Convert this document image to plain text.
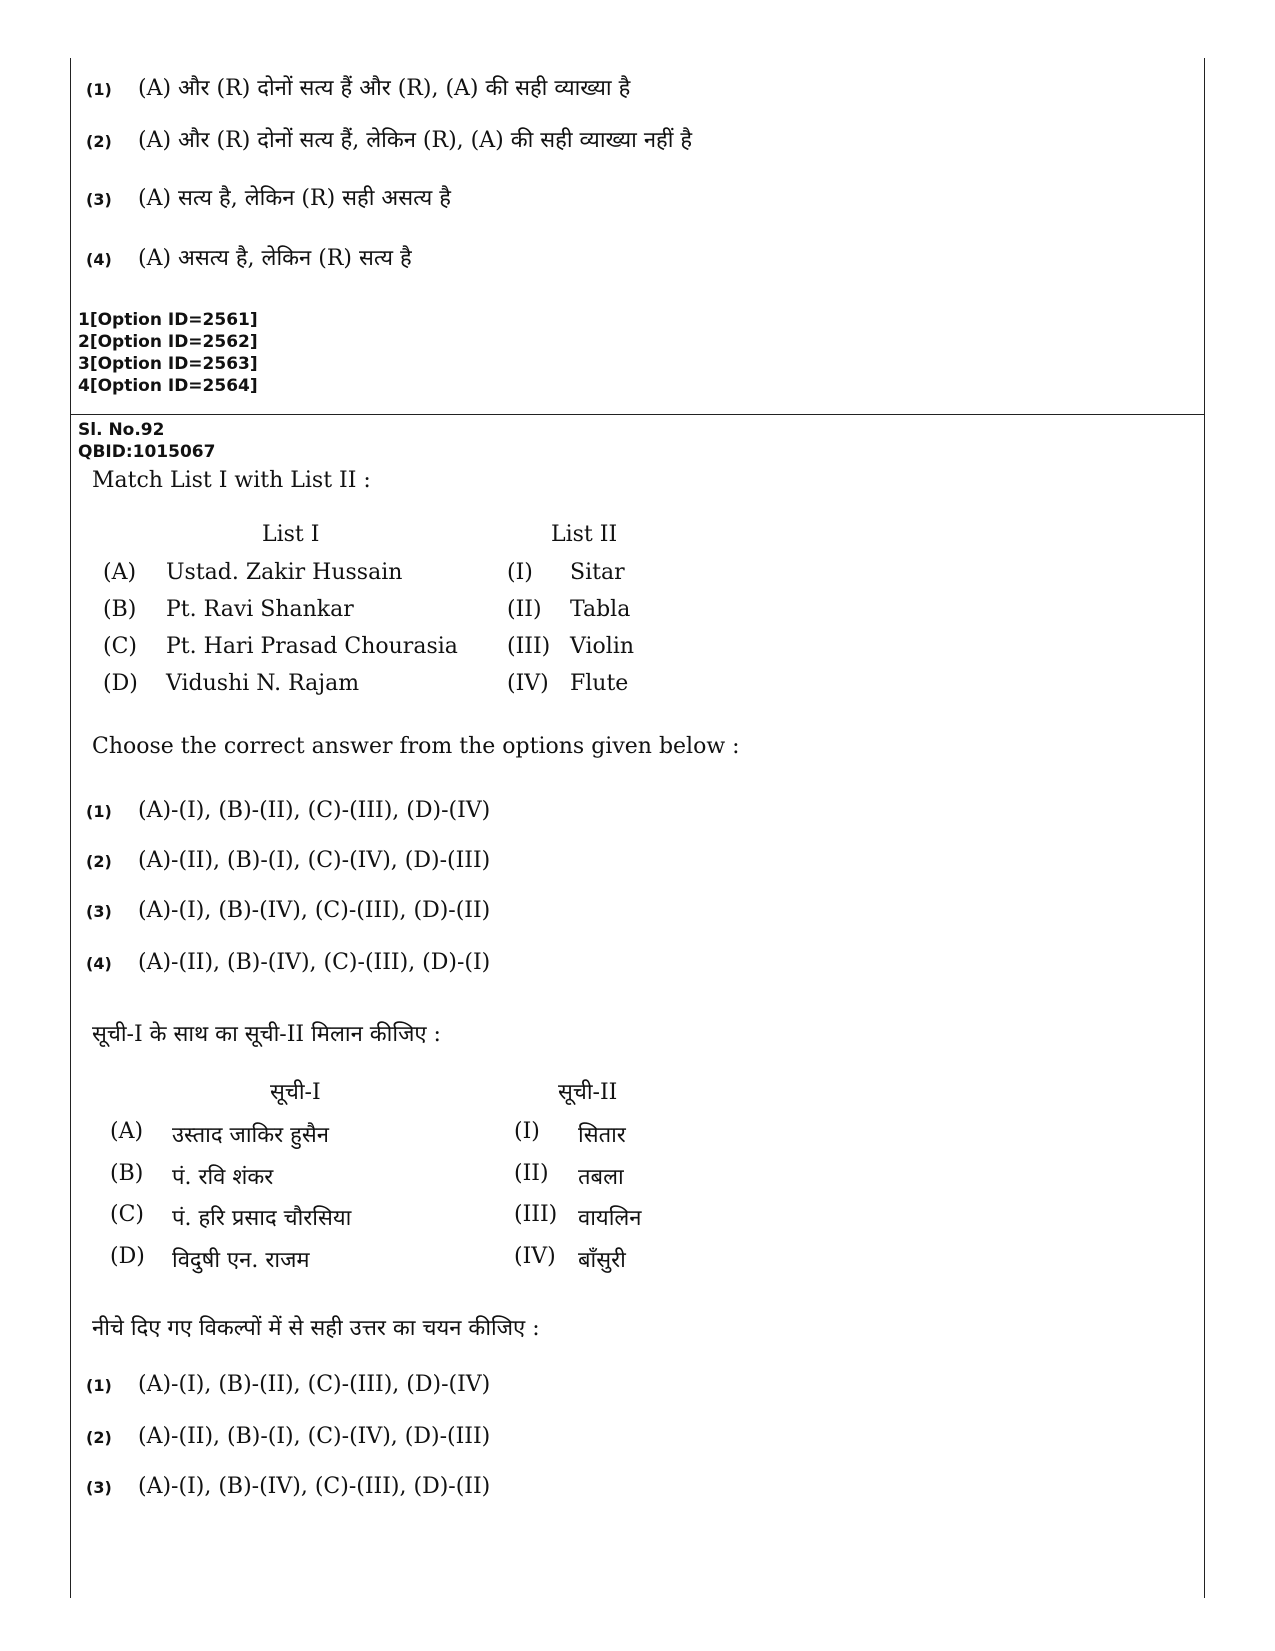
(1)	(A) और (R) दोनों सत्य हैं और (R), (A) की सही व्याख्या है
(2)	(A) और (R) दोनों सत्य हैं, लेकिन (R), (A) की सही व्याख्या नहीं है
(3)	(A) सत्य है, लेकिन (R) सही असत्य है
(4)	(A) असत्य है, लेकिन (R) सत्य है
1[Option ID=2561]
2[Option ID=2562]
3[Option ID=2563]
4[Option ID=2564]
Sl. No.92
QBID:1015067
Match List I with List II :
List I	List II
(A) Ustad. Zakir Hussain	(I) Sitar
(B) Pt. Ravi Shankar	(II) Tabla
(C) Pt. Hari Prasad Chourasia (III) Violin
(D) Vidushi N. Rajam	(IV) Flute
Choose the correct answer from the options given below :
(1)	(A)-(I), (B)-(II), (C)-(III), (D)-(IV)
(2)	(A)-(II), (B)-(I), (C)-(IV), (D)-(III)
(3)	(A)-(I), (B)-(IV), (C)-(III), (D)-(II)
(4)	(A)-(II), (B)-(IV), (C)-(III), (D)-(I)
सूची-I के साथ का सूची-II मिलान कीजिए :
सूची-I	सूची-II
(A) उस्ताद जाकिर हुसैन	(I) सितार
(B) पं. रवि शंकर	(II) तबला
(C) पं. हरि प्रसाद चौरसिया	(III) वायलिन
(D) विदुषी एन. राजम	(IV) बाँसुरी
नीचे दिए गए विकल्पों में से सही उत्तर का चयन कीजिए :
(1)	(A)-(I), (B)-(II), (C)-(III), (D)-(IV)
(2)	(A)-(II), (B)-(I), (C)-(IV), (D)-(III)
(3)	(A)-(I), (B)-(IV), (C)-(III), (D)-(II)
